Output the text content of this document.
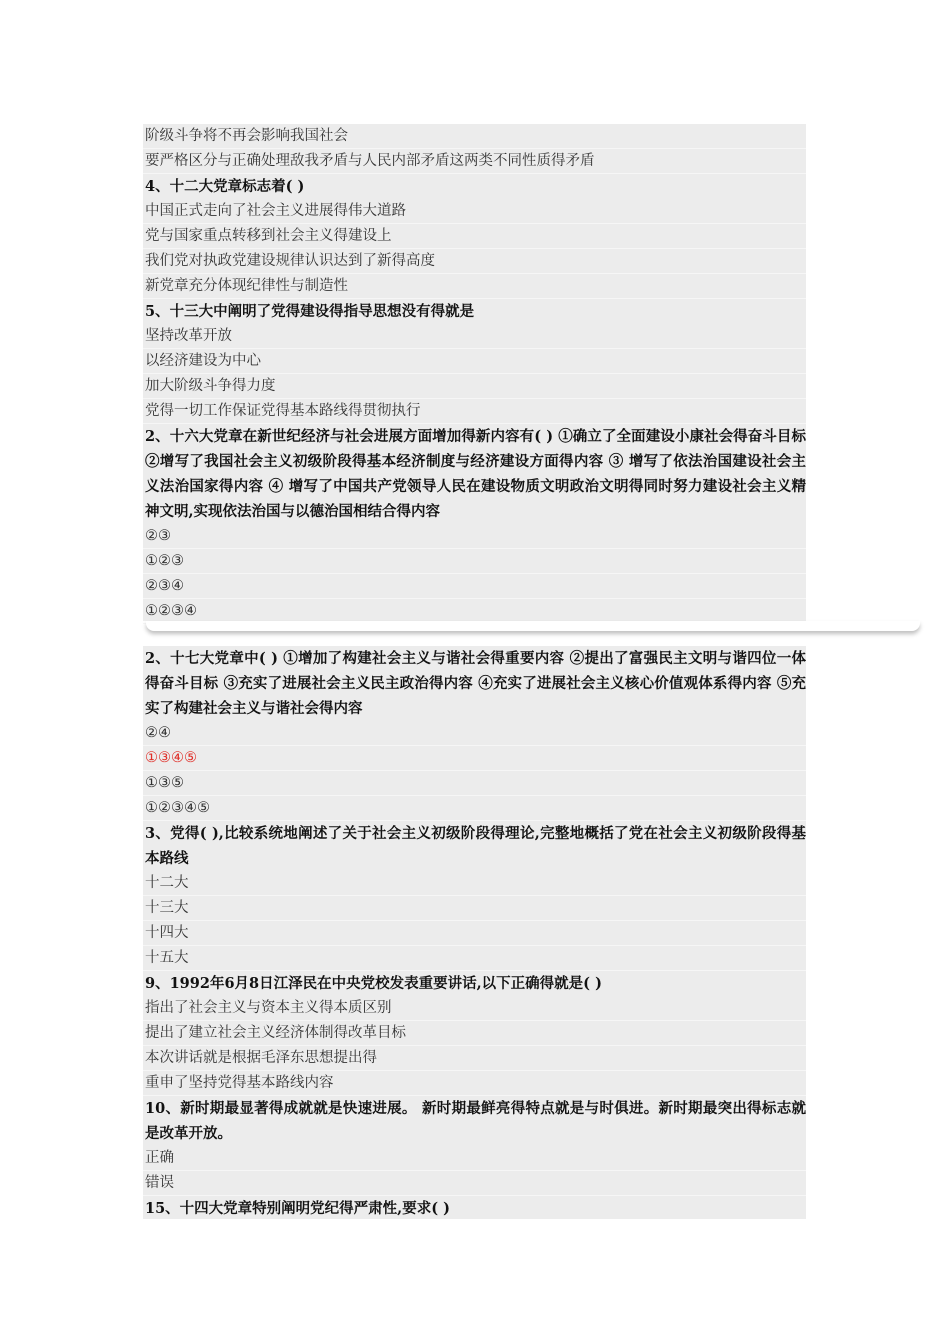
阶级斗争将不再会影响我国社会
要严格区分与正确处理敌我矛盾与人民内部矛盾这两类不同性质得矛盾
4、十二大党章标志着( )
中国正式走向了社会主义进展得伟大道路
党与国家重点转移到社会主义得建设上
我们党对执政党建设规律认识达到了新得高度
新党章充分体现纪律性与制造性
5、十三大中阐明了党得建设得指导思想没有得就是
坚持改革开放
以经济建设为中心
加大阶级斗争得力度
党得一切工作保证党得基本路线得贯彻执行
2、十六大党章在新世纪经济与社会进展方面增加得新内容有( ) ①确立了全面建设小康社会得奋斗目标 ②增写了我国社会主义初级阶段得基本经济制度与经济建设方面得内容 ③ 增写了依法治国建设社会主义法治国家得内容 ④ 增写了中国共产党领导人民在建设物质文明政治文明得同时努力建设社会主义精神文明,实现依法治国与以德治国相结合得内容
②③
①②③
②③④
①②③④
2、十七大党章中( ) ①增加了构建社会主义与谐社会得重要内容 ②提出了富强民主文明与谐四位一体得奋斗目标 ③充实了进展社会主义民主政治得内容 ④充实了进展社会主义核心价值观体系得内容 ⑤充实了构建社会主义与谐社会得内容
②④
①③④⑤
①③⑤
①②③④⑤
3、党得( ),比较系统地阐述了关于社会主义初级阶段得理论,完整地概括了党在社会主义初级阶段得基本路线
十二大
十三大
十四大
十五大
9、1992年6月8日江泽民在中央党校发表重要讲话,以下正确得就是( )
指出了社会主义与资本主义得本质区别
提出了建立社会主义经济体制得改革目标
本次讲话就是根据毛泽东思想提出得
重申了坚持党得基本路线内容
10、新时期最显著得成就就是快速进展。 新时期最鲜亮得特点就是与时俱进。新时期最突出得标志就是改革开放。
正确
错误
15、十四大党章特别阐明党纪得严肃性,要求( )
